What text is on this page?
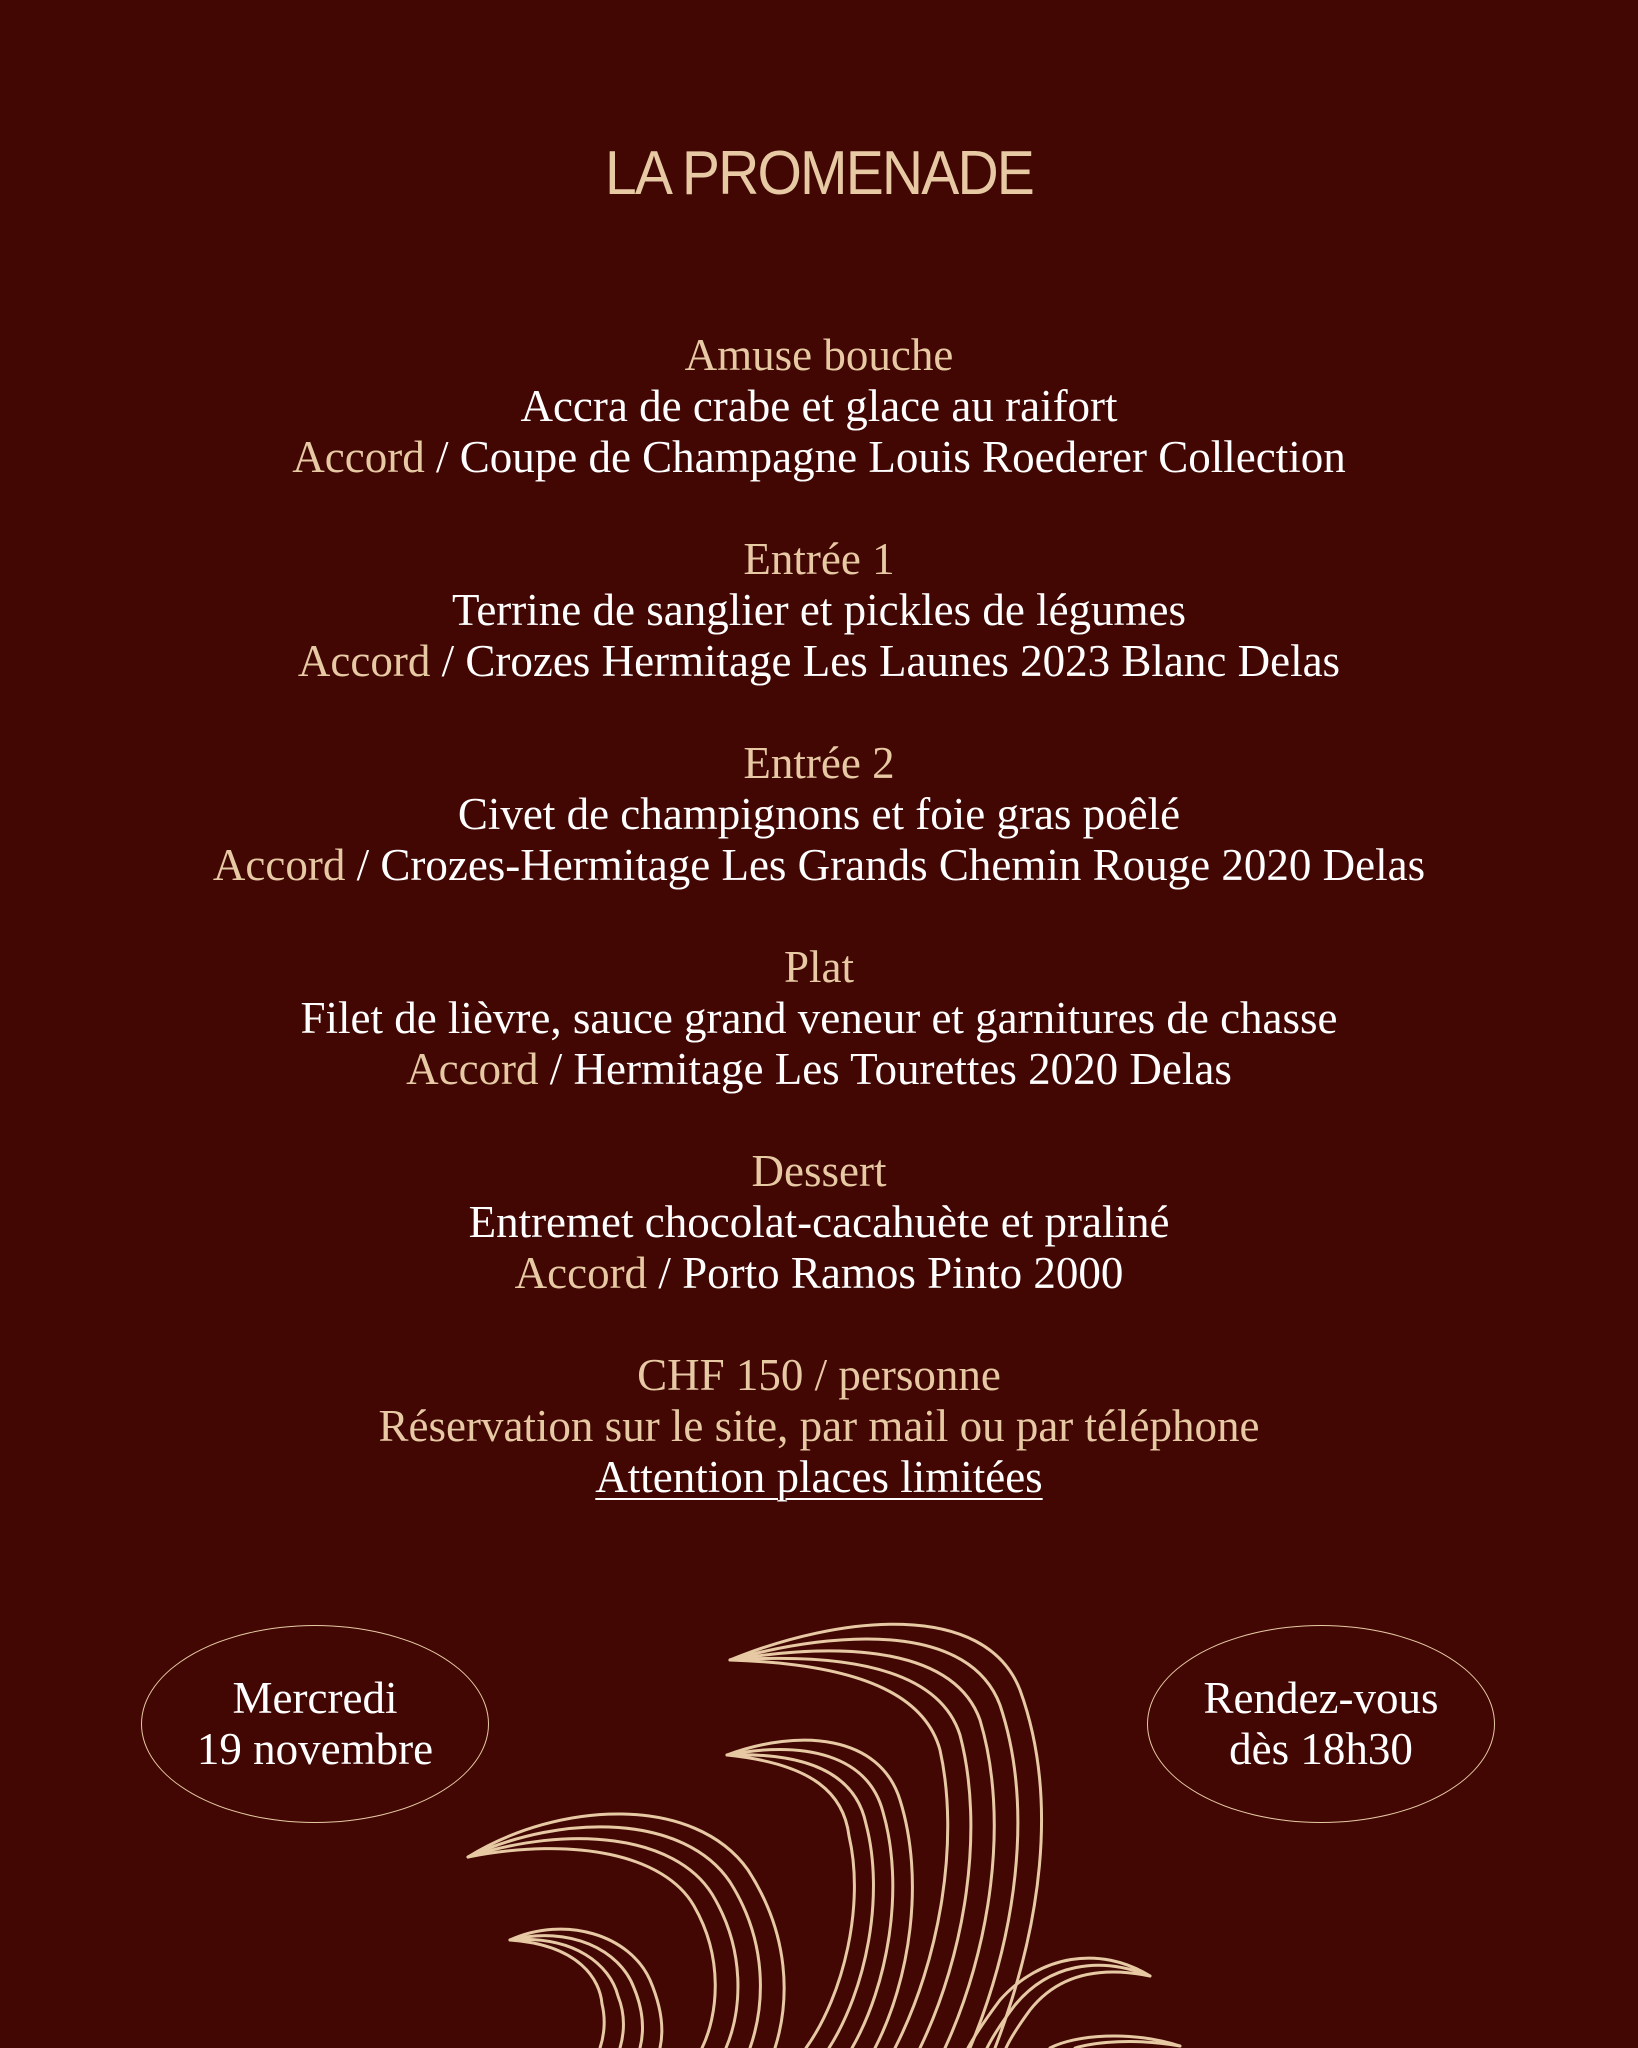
LA PROMENADE
Amuse bouche
Accra de crabe et glace au raifort
Accord / Coupe de Champagne Louis Roederer Collection
Entrée 1
Terrine de sanglier et pickles de légumes
Accord / Crozes Hermitage Les Launes 2023 Blanc Delas
Entrée 2
Civet de champignons et foie gras poêlé
Accord / Crozes-Hermitage Les Grands Chemin Rouge 2020 Delas
Plat
Filet de lièvre, sauce grand veneur et garnitures de chasse
Accord / Hermitage Les Tourettes 2020 Delas
Dessert
Entremet chocolat-cacahuète et praliné
Accord / Porto Ramos Pinto 2000
CHF 150 / personne
Réservation sur le site, par mail ou par téléphone
Attention places limitées
Mercredi
19 novembre
Rendez-vous
dès 18h30
